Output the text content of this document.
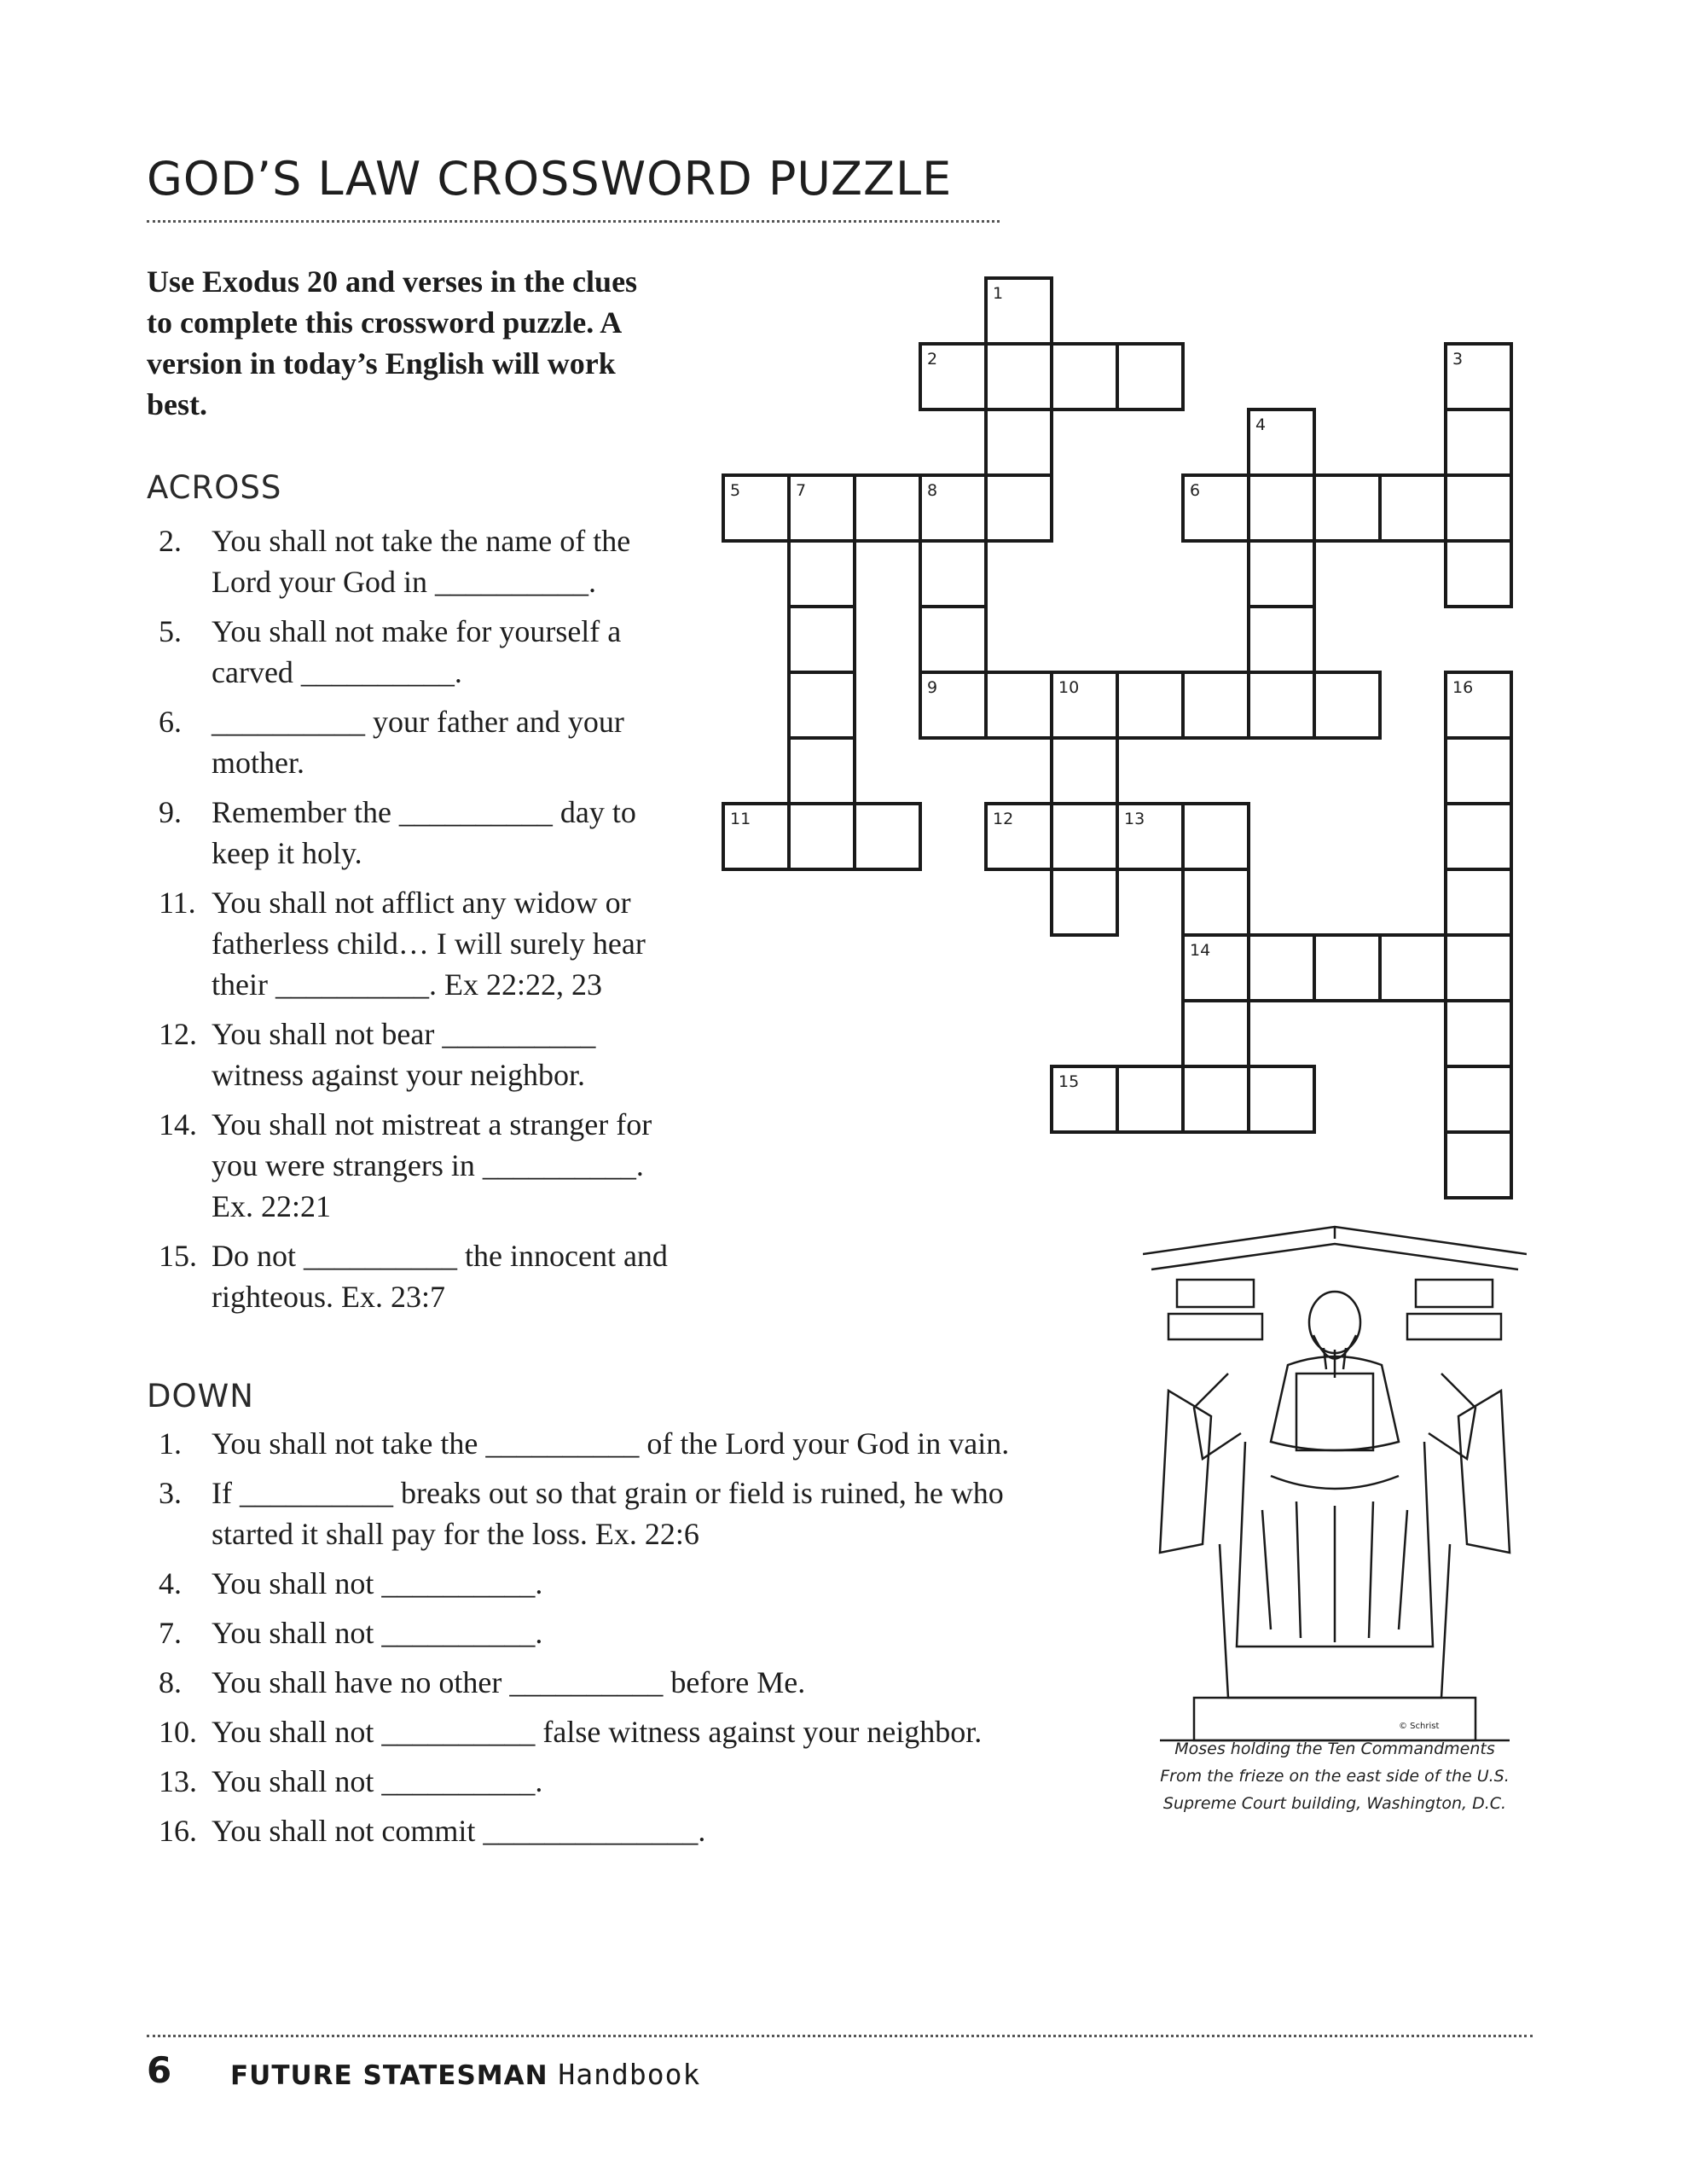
GOD’S LAW CROSSWORD PUZZLE
Use Exodus 20 and verses in the clues to complete this crossword puzzle. A version in today’s English will work best.
ACROSS
2. You shall not take the name of the Lord your God in __________.
5. You shall not make for yourself a carved __________.
6. __________ your father and your mother.
9. Remember the __________ day to keep it holy.
11. You shall not afflict any widow or fatherless child… I will surely hear their __________. Ex 22:22, 23
12. You shall not bear __________ witness against your neighbor.
14. You shall not mistreat a stranger for you were strangers in __________. Ex. 22:21
15. Do not __________ the innocent and righteous. Ex. 23:7
DOWN
1. You shall not take the __________ of the Lord your God in vain.
3. If __________ breaks out so that grain or field is ruined, he who
started it shall pay for the loss. Ex. 22:6
4. You shall not __________.
7. You shall not __________.
8. You shall have no other __________ before Me.
10. You shall not __________ false witness against your neighbor.
13. You shall not __________.
16. You shall not commit ______________.
1
2	3
4
5	6
7	8
9	10
11	12	13
14
15
16
© Schrist
Moses holding the Ten Commandments
From the frieze on the east side of the U.S.
Supreme Court building, Washington, D.C.
6 FUTURE STATESMAN Handbook
